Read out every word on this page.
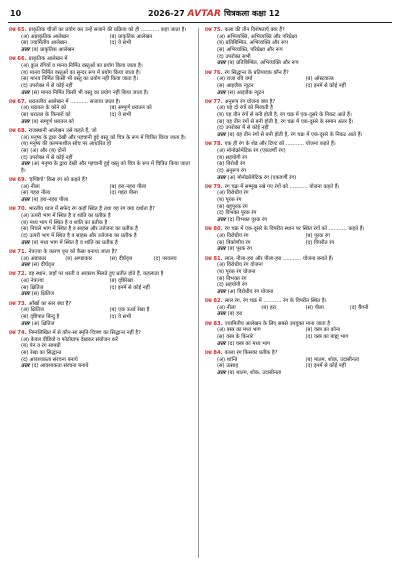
10	2026-27 AVTAR चित्रकला कक्षा 12
प्रश्न 65. प्राकृतिक चीजों का प्रयोग कर उन्हें सजाने की प्रक्रिया को ही ........... कहा जाता है।
(अ) अप्राकृतिक आलेखन	(ब) प्राकृतिक आलेखन
(स) ज्यामितीय आलेखन	(द) ये सभी
उत्तर (ब) प्राकृतिक आलेखन
प्रश्न 66. प्राकृतिक आलेखन में
(अ) कुल रंगियों व मानव निर्मित वस्तुओं का प्रयोग किया जाता है।
(ब) मानव निर्मित वस्तुओं का सुन्दर रूप में प्रयोग किया जाता है।
(स) मानव निर्मित किसी भी वस्तु का प्रयोग नहीं किया जाता है।
(द) उपरोक्त में से कोई नहीं
उत्तर (स) मानव निर्मित किसी भी वस्तु का प्रयोग नहीं किया जाता है।
प्रश्न 67. धरातलीय आलेखन में ........... सजाया जाता है।
(अ) धरातल के कोने को	(ब) सम्पूर्ण धरातल को
(स) धरातल के किनारों को	(द) ये सभी
उत्तर (ब) सम्पूर्ण धरातल को
प्रश्न 68. राजस्थानी आलेखन उसे कहते हैं, जो
(अ) मनुष्य के द्वारा देखी और पहचानी हुई वस्तु को चित्र के रूप में चित्रित किया जाता है।
(ब) मनुष्य की कल्पनाशील सोच पर आधारित हो
(स) (अ) और (ब) दोनों
(द) उपरोक्त में से कोई नहीं
उत्तर (अ) मनुष्य के द्वारा देखी और पहचानी हुई वस्तु को चित्र के रूप में चित्रित किया जाता है।
प्रश्न 69. 'इण्डिगो' किस रंग को कहते हैं?
(अ) नीला	(ब) हरा-नहरा पीला
(स) गहरा नीला	(द) गहरा पीला
उत्तर (ब) हरा-नहरा पीला
प्रश्न 70. भारतीय ध्वज में सफेद रंग कहाँ स्थित है तथा यह रंग क्या दर्शाता है?
(अ) ऊपरी भाग में स्थित है व शांति का प्रतीक है
(ब) मध्य भाग में स्थित है व शांति का प्रतीक है
(स) निचले भाग में स्थित है व साहस और उत्तेजना का प्रतीक है
(द) ऊपरी भाग में स्थित है व साहस और उत्तेजना का प्रतीक है
उत्तर (ब) मध्य भाग में स्थित है व शांति का प्रतीक है
प्रश्न 71. नेत्रज्या के कारण वृत्त को कैसा बनाया जाता है?
(अ) अंडाकार	(ब) अण्डाकार	(स) दीर्घवृत्त	(द) परवलय
उत्तर (स) दीर्घवृत्त
प्रश्न 72. वह स्थान, जहाँ पर धरती व आकाश मिलते हुए प्रतीत होते हैं, कहलाता है
(अ) नेत्रज्या	(ब) दृष्टिरेखा
(स) क्षितिज	(द) इनमें से कोई नहीं
उत्तर (स) क्षितिज
प्रश्न 73. आँखों का स्तर क्या है?
(अ) क्षितिज	(ब) एक ऊर्ध्व रेखा है
(स) दृष्टिपात बिन्दु है	(द) ये सभी
उत्तर (अ) क्षितिज
प्रश्न 74. निम्नलिखित में से कौन-सा स्मृति-चित्रण का सिद्धान्त नहीं है?
(अ) केवल वीडियो व फोटोग्राफ देखकर संयोजन करें
(ब) पेन व रंग सामग्री
(स) रेखा का सिद्धान्त
(द) आवश्यकता संरचना बनाये
उत्तर (द) आवश्यकता संरचना बनाये
प्रश्न 75. कला की तीन विशेषताएँ क्या हैं?
(अ) अभिव्यक्ति, अभिव्यक्ति और परिप्रेक्ष्य
(ब) प्रतिबिम्बित, अभिव्यक्ति और रूप
(स) अभिव्यक्ति, परिप्रेक्ष्य और रूप
(द) उपरोक्त सभी
उत्तर (ब) प्रतिबिम्बित, अभिव्यक्ति और रूप
प्रश्न 76. रंग सिद्धान्त के प्रतिपादक कौन हैं?
(अ) राजा रवि वर्मा	(ब) ओस्टवाल्ड
(स) आइज़ैक न्यूटन	(द) इनमें से कोई नहीं
उत्तर (स) आइज़ैक न्यूटन
प्रश्न 77. अनुरूप रंग योजना क्या है?
(अ) यह दो रंगों को मिलाती है
(ब) यह तीन रंगों से बनी होती है, रंग चक्र में एक-दूसरे के निकट आते हैं।
(स) यह तीन रंगों से बनी होती है, रंग चक्र में एक-दूसरे के समान अंतर हैं।
(द) उपरोक्त में से कोई नहीं
उत्तर (ब) यह तीन रंगों से बनी होती है, रंग चक्र में एक-दूसरे के निकट आते हैं।
प्रश्न 78. एक ही रंग के शेड और टिण्ट को ........... योजना कहते हैं।
(अ) मोनोक्रोमेटिक रंग (एकवर्णी रंग)
(ब) सहयोगी रंग
(स) विरोधी रंग
(द) अनुरूप रंग
उत्तर (अ) मोनोक्रोमेटिक रंग (एकवर्णी रंग)
प्रश्न 79. रंग चक्र में सम्मुख रखे गए रंगों को ........... योजना कहते हैं।
(अ) विरोधीय रंग
(ब) पूरक रंग
(स) बहुपूरक रंग
(द) विभक्त पूरक रंग
उत्तर (द) विभक्त पूरक रंग
प्रश्न 80. रंग चक्र में एक-दूसरे के विपरीत स्थान पर स्थित रंगों को ........... कहते हैं।
(अ) विरोधीय रंग	(ब) पूरक रंग
(स) त्रिकोणीय रंग	(द) विपरीत रंग
उत्तर (ब) पूरक रंग
प्रश्न 81. लाल, नीला-हरा और पीला-हरा ........... योजना बनाते हैं।
(अ) विरोधीय रंग योजना
(ब) पूरक रंग योजना
(स) विभक्त रंग
(द) सहयोगी रंग
उत्तर (अ) विरोधीय रंग योजना
प्रश्न 82. लाल रंग, रंग चक्र में ........... रंग के विपरीत स्थित है।
(अ) नीला	(ब) हरा	(स) पीला	(द) बैंगनी
उत्तर (ब) हरा
प्रश्न 83. ज्यामितीय आलेखन के लिए सबसे उपयुक्त माना जाता है
(अ) वस्त्र का मध्य भाग	(ब) वस्त्र का कोना
(स) वस्त्र के किनारे	(द) वस्त्र का बाह्य भाग
उत्तर (द) वस्त्र का मध्य भाग
प्रश्न 84. काला रंग किसका प्रतीक है?
(अ) शान्ति	(ब) मातम, शोक, उदासीनता
(स) उत्साह	(द) इनमें से कोई नहीं
उत्तर (ब) मातम, शोक, उदासीनता
